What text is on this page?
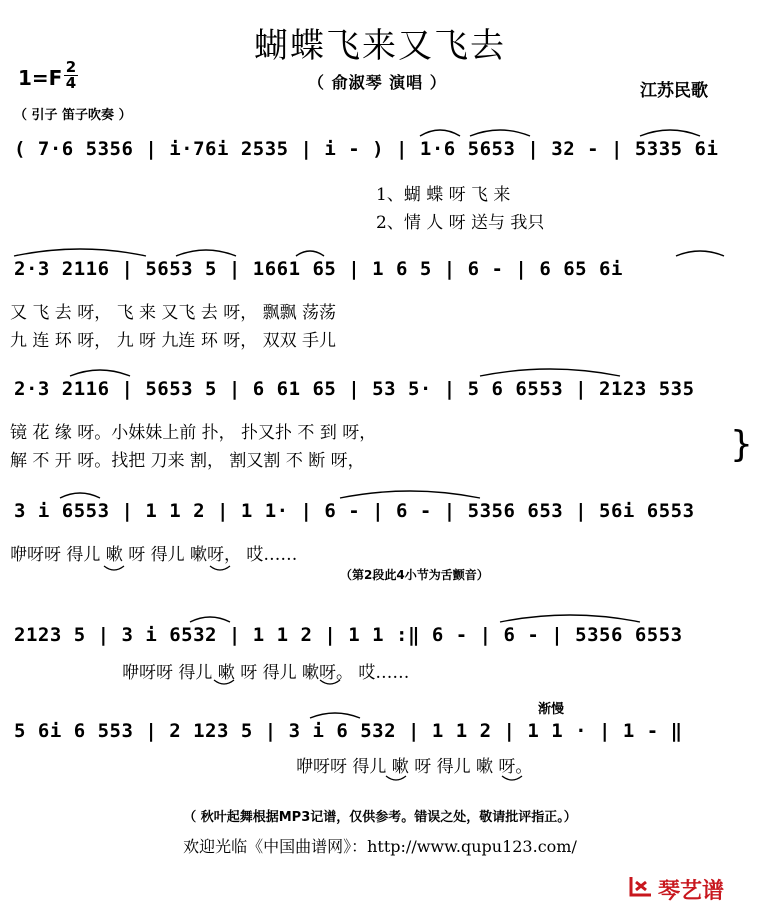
蝴蝶飞来又飞去
1=F 2
4	（ 俞淑琴 演唱 ）	江苏民歌
（ 引子 笛子吹奏 ）
( 7·6 5356 | i·76i 2535 | i - ) | 1·6 5653 | 32 - | 5335 6i
1、蝴 蝶 呀 飞 来
2、情 人 呀 送与 我只
2·3 2116 | 5653 5 | 1661 65 | 1 6 5 | 6 - | 6 65 6i
又 飞 去 呀， 飞 来 又飞 去 呀， 飘飘 荡荡
九 连 环 呀， 九 呀 九连 环 呀， 双双 手儿
2·3 2116 | 5653 5 | 6 61 65 | 53 5· | 5 6 6553 | 2123 535
镜 花 缘 呀。小妹妹上前 扑， 扑又扑 不 到 呀，
解 不 开 呀。找把 刀来 割， 割又割 不 断 呀，	}
3 i 6553 | 1 1 2 | 1 1· | 6 - | 6 - | 5356 653 | 56i 6553
咿呀呀 得儿 嗽 呀 得儿 嗽呀， 哎……
（第2段此4小节为舌颤音）
2123 5 | 3 i 6532 | 1 1 2 | 1 1 :‖ 6 - | 6 - | 5356 6553
咿呀呀 得儿 嗽 呀 得儿 嗽呀。 哎……
渐慢
5 6i 6 553 | 2 123 5 | 3 i 6 532 | 1 1 2 | 1 1 · | 1 - ‖
咿呀呀 得儿 嗽 呀 得儿 嗽 呀。
（ 秋叶起舞根据MP3记谱，仅供参考。错误之处，敬请批评指正。）
欢迎光临《中国曲谱网》：http://www.qupu123.com/
琴艺谱
